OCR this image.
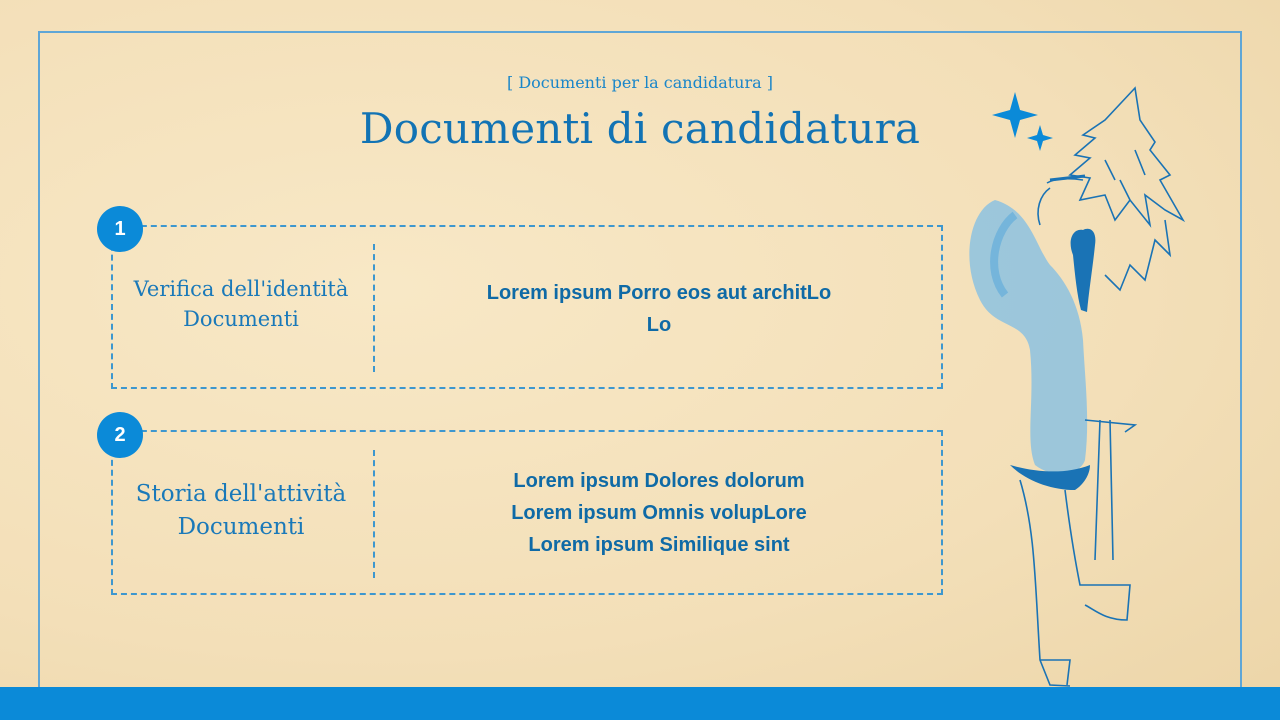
[ Documenti per la candidatura ]
Documenti di candidatura
1
Verifica dell'identità
Documenti
Lorem ipsum Porro eos aut architLo
Lo
2
Storia dell'attività
Documenti
Lorem ipsum Dolores dolorum
Lorem ipsum Omnis volupLore
Lorem ipsum Similique sint
